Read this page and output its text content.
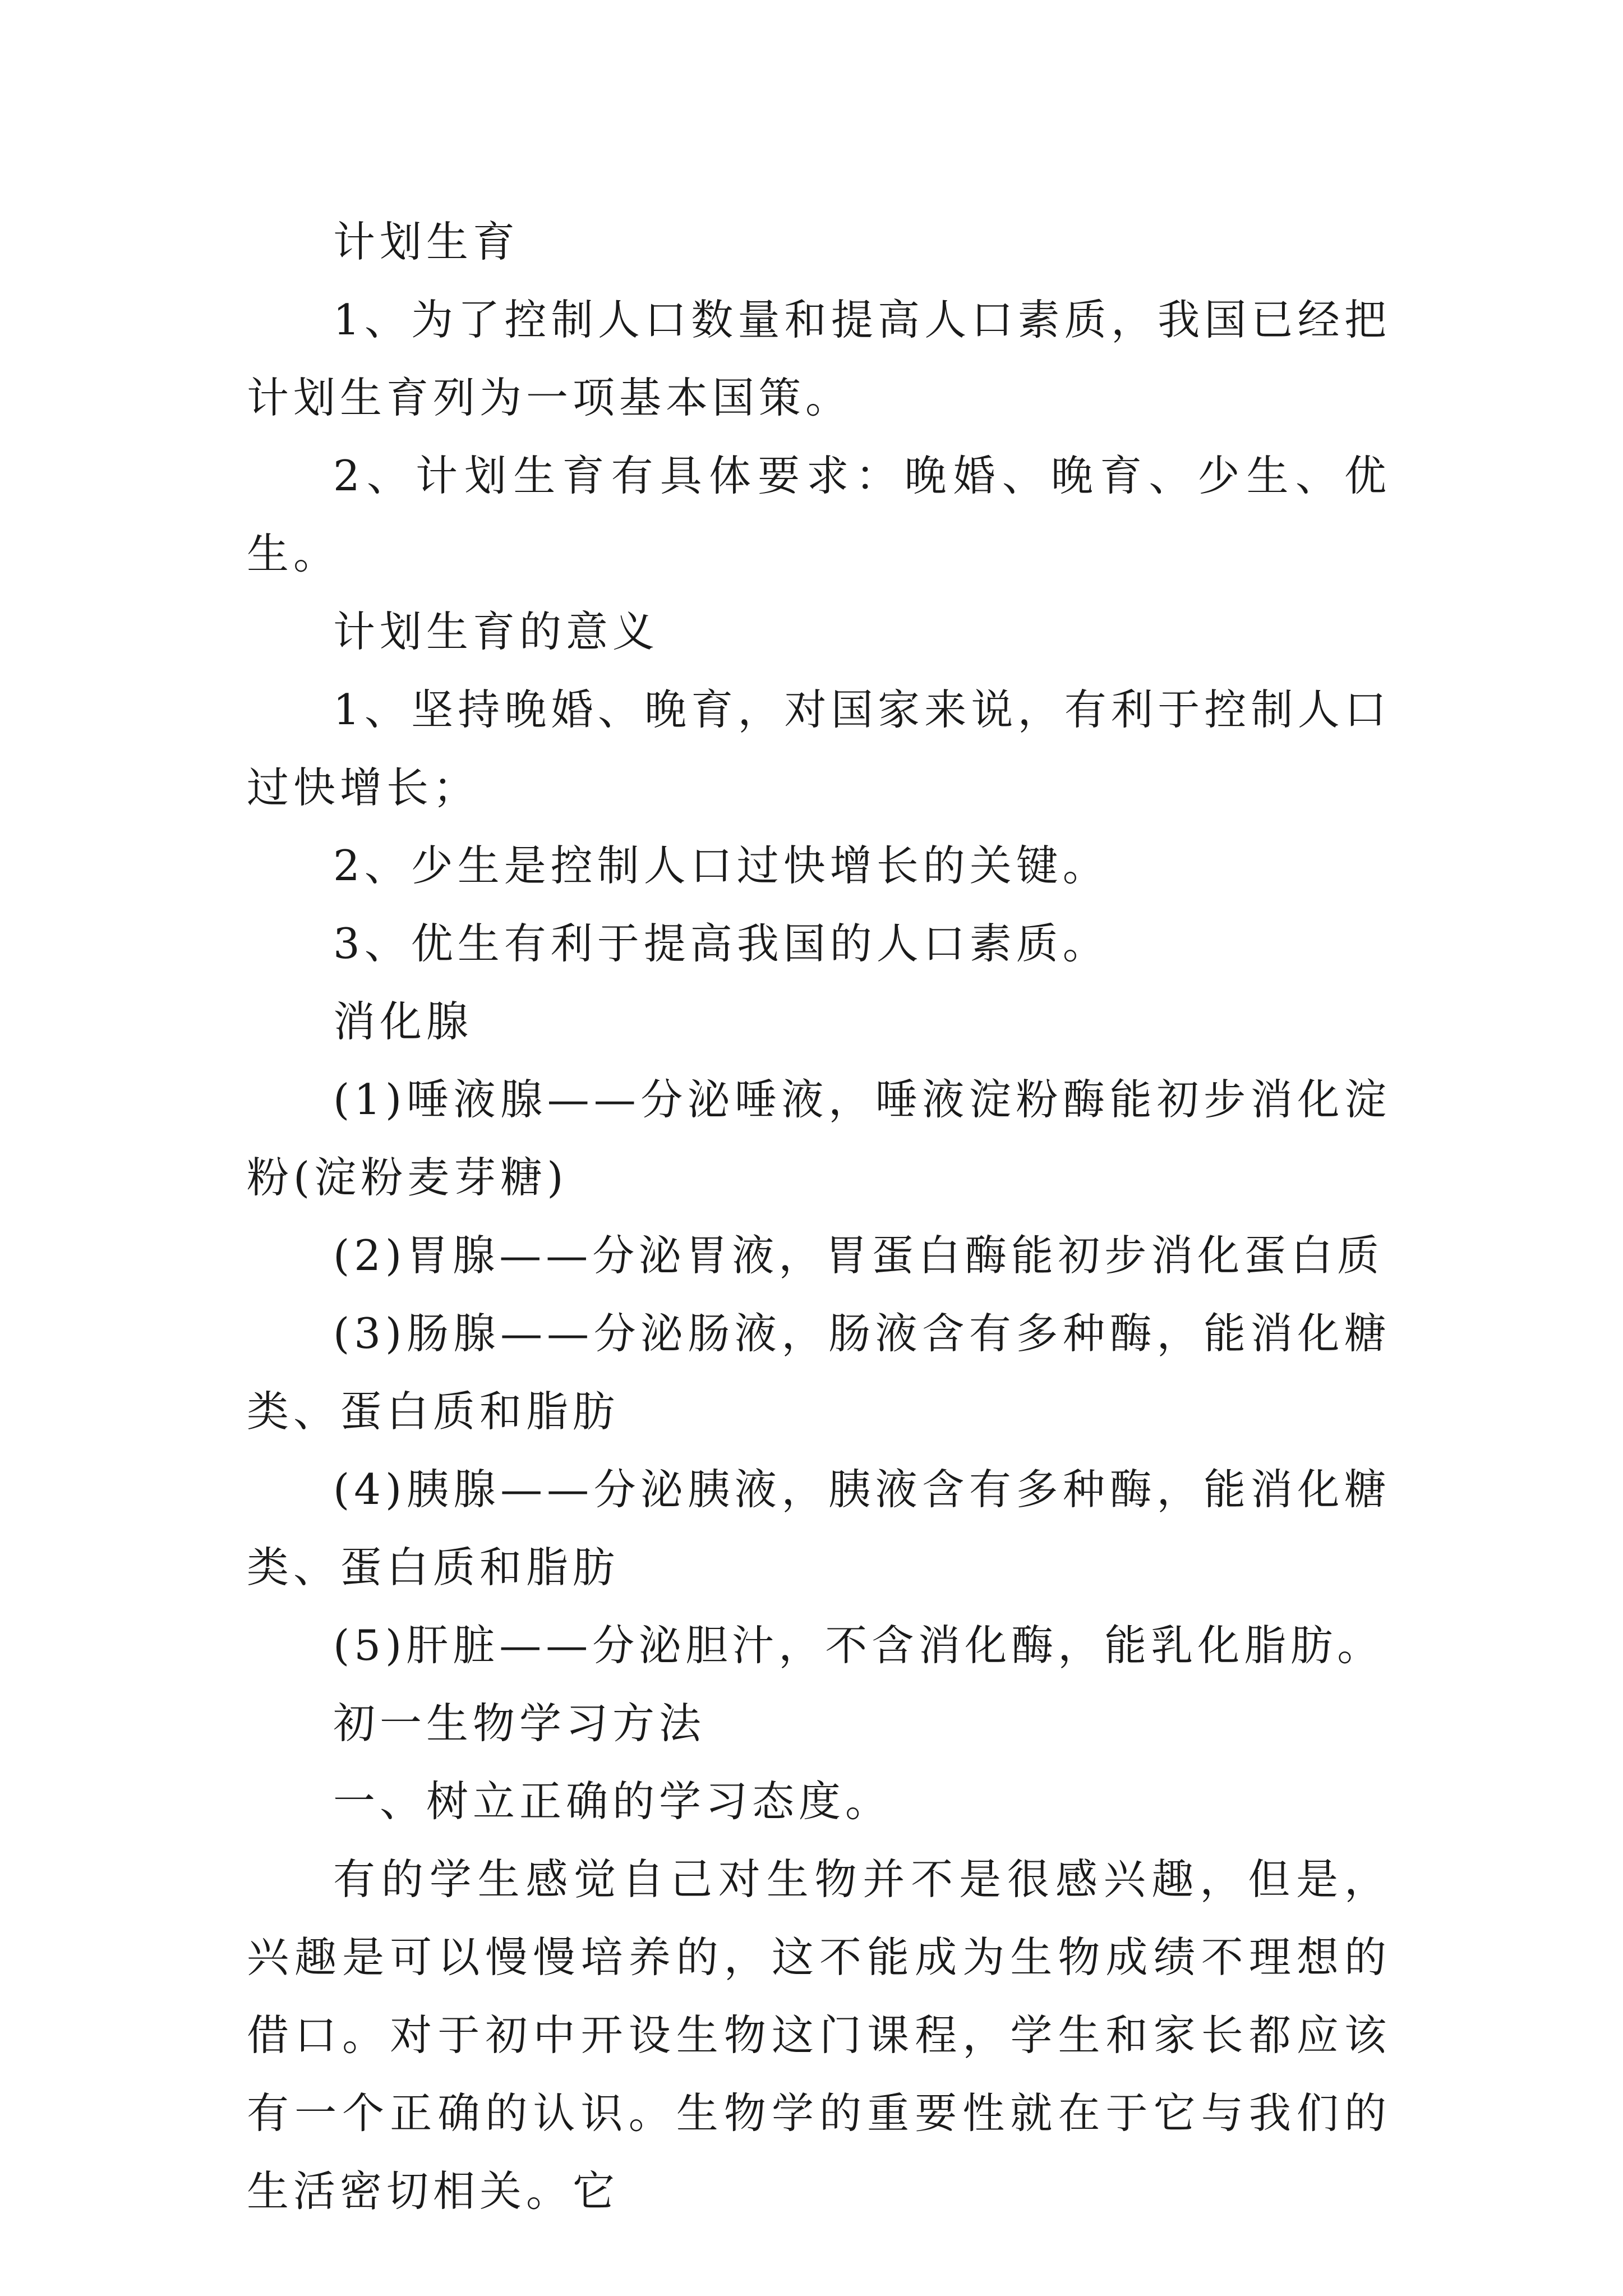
计划生育

1、为了控制人口数量和提高人口素质，我国已经把计划生育列为一项基本国策。

2、计划生育有具体要求：晚婚、晚育、少生、优生。

计划生育的意义

1、坚持晚婚、晚育，对国家来说，有利于控制人口过快增长；

2、少生是控制人口过快增长的关键。

3、优生有利于提高我国的人口素质。

消化腺

(1)唾液腺——分泌唾液，唾液淀粉酶能初步消化淀粉(淀粉麦芽糖)

(2)胃腺——分泌胃液，胃蛋白酶能初步消化蛋白质

(3)肠腺——分泌肠液，肠液含有多种酶，能消化糖类、蛋白质和脂肪

(4)胰腺——分泌胰液，胰液含有多种酶，能消化糖类、蛋白质和脂肪

(5)肝脏——分泌胆汁，不含消化酶，能乳化脂肪。

初一生物学习方法

一、树立正确的学习态度。

有的学生感觉自己对生物并不是很感兴趣，但是，兴趣是可以慢慢培养的，这不能成为生物成绩不理想的借口。对于初中开设生物这门课程，学生和家长都应该有一个正确的认识。生物学的重要性就在于它与我们的生活密切相关。它
